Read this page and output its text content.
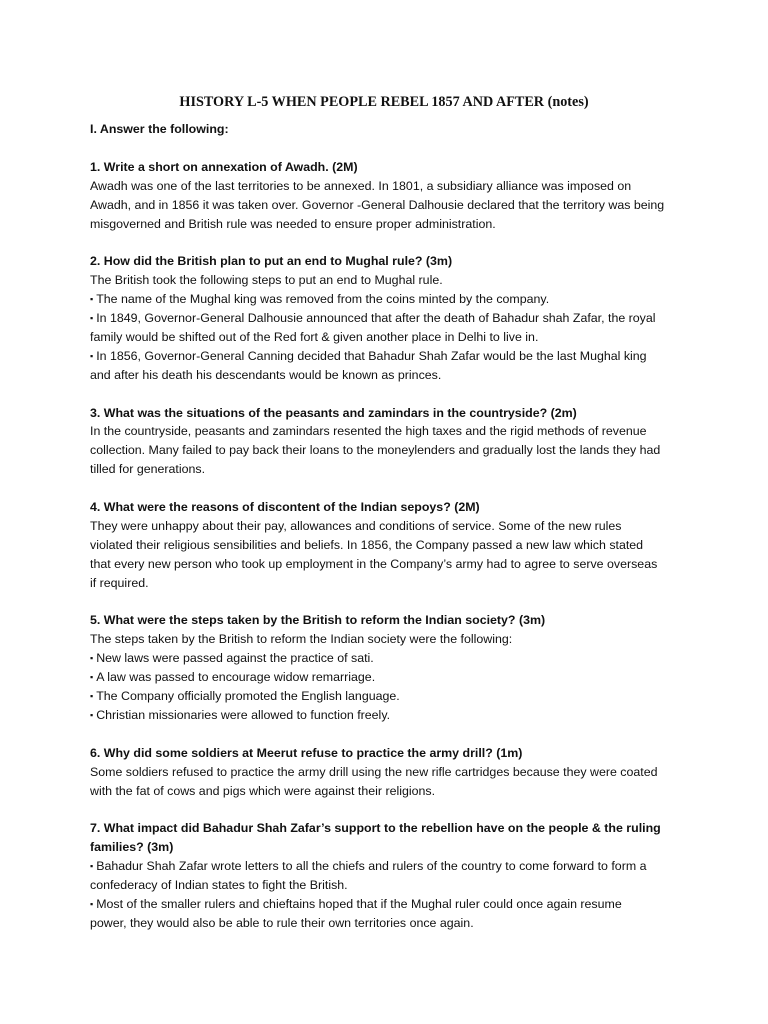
HISTORY L-5 WHEN PEOPLE REBEL 1857 AND AFTER (notes)

I. Answer the following:

1. Write a short on annexation of Awadh. (2M)

Awadh was one of the last territories to be annexed. In 1801, a subsidiary alliance was imposed on
Awadh, and in 1856 it was taken over. Governor -General Dalhousie declared that the territory was being
misgoverned and British rule was needed to ensure proper administration.

2. How did the British plan to put an end to Mughal rule? (3m)

The British took the following steps to put an end to Mughal rule.
▪ The name of the Mughal king was removed from the coins minted by the company.
▪ In 1849, Governor-General Dalhousie announced that after the death of Bahadur shah Zafar, the royal
family would be shifted out of the Red fort & given another place in Delhi to live in.
▪ In 1856, Governor-General Canning decided that Bahadur Shah Zafar would be the last Mughal king
and after his death his descendants would be known as princes.

3. What was the situations of the peasants and zamindars in the countryside? (2m)

In the countryside, peasants and zamindars resented the high taxes and the rigid methods of revenue
collection. Many failed to pay back their loans to the moneylenders and gradually lost the lands they had
tilled for generations.

4. What were the reasons of discontent of the Indian sepoys? (2M)

They were unhappy about their pay, allowances and conditions of service. Some of the new rules
violated their religious sensibilities and beliefs. In 1856, the Company passed a new law which stated
that every new person who took up employment in the Company’s army had to agree to serve overseas
if required.

5. What were the steps taken by the British to reform the Indian society? (3m)

The steps taken by the British to reform the Indian society were the following:
▪ New laws were passed against the practice of sati.
▪ A law was passed to encourage widow remarriage.
▪ The Company officially promoted the English language.
▪ Christian missionaries were allowed to function freely.

6. Why did some soldiers at Meerut refuse to practice the army drill? (1m)

Some soldiers refused to practice the army drill using the new rifle cartridges because they were coated
with the fat of cows and pigs which were against their religions.

7. What impact did Bahadur Shah Zafar’s support to the rebellion have on the people & the ruling
families? (3m)

▪ Bahadur Shah Zafar wrote letters to all the chiefs and rulers of the country to come forward to form a
confederacy of Indian states to fight the British.
▪ Most of the smaller rulers and chieftains hoped that if the Mughal ruler could once again resume
power, they would also be able to rule their own territories once again.
